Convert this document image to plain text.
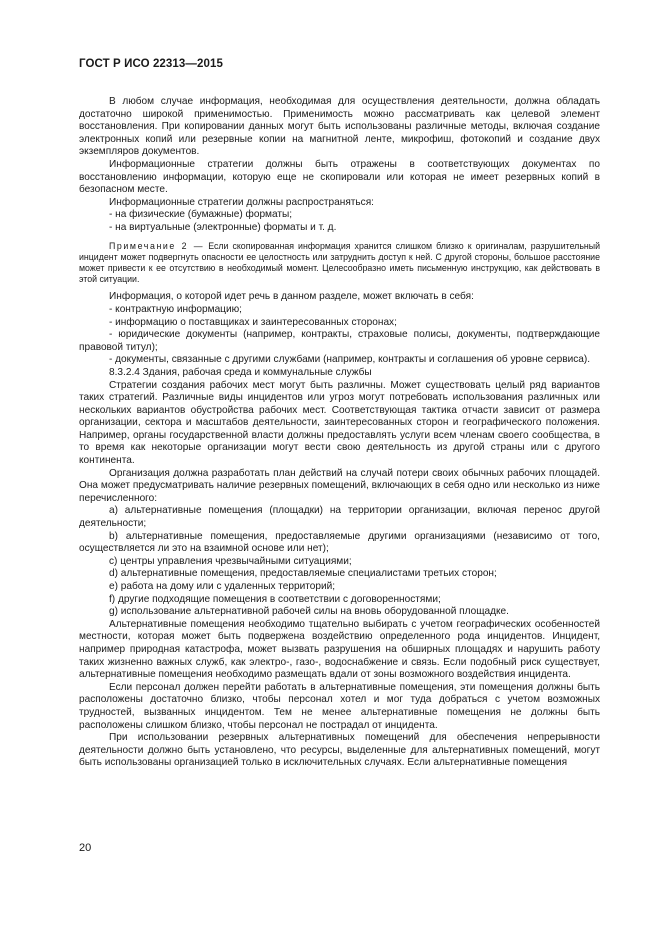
ГОСТ Р ИСО 22313—2015

В любом случае информация, необходимая для осуществления деятельности, должна обладать достаточно широкой применимостью. Применимость можно рассматривать как целевой элемент восстановления. При копировании данных могут быть использованы различные методы, включая создание электронных копий или резервные копии на магнитной ленте, микрофиш, фотокопий и создание двух экземпляров документов.

Информационные стратегии должны быть отражены в соответствующих документах по восстановлению информации, которую еще не скопировали или которая не имеет резервных копий в безопасном месте.

Информационные стратегии должны распространяться:

- на физические (бумажные) форматы;

- на виртуальные (электронные) форматы и т. д.

Примечание 2 — Если скопированная информация хранится слишком близко к оригиналам, разрушительный инцидент может подвергнуть опасности ее целостность или затруднить доступ к ней. С другой стороны, большое расстояние может привести к ее отсутствию в необходимый момент. Целесообразно иметь письменную инструкцию, как действовать в этой ситуации.

Информация, о которой идет речь в данном разделе, может включать в себя:

- контрактную информацию;

- информацию о поставщиках и заинтересованных сторонах;

- юридические документы (например, контракты, страховые полисы, документы, подтверждающие правовой титул);

- документы, связанные с другими службами (например, контракты и соглашения об уровне сервиса).

8.3.2.4 Здания, рабочая среда и коммунальные службы

Стратегии создания рабочих мест могут быть различны. Может существовать целый ряд вариантов таких стратегий. Различные виды инцидентов или угроз могут потребовать использования различных или нескольких вариантов обустройства рабочих мест. Соответствующая тактика отчасти зависит от размера организации, сектора и масштабов деятельности, заинтересованных сторон и географического положения. Например, органы государственной власти должны предоставлять услуги всем членам своего сообщества, в то время как некоторые организации могут вести свою деятельность из другой страны или с другого континента.

Организация должна разработать план действий на случай потери своих обычных рабочих площадей. Она может предусматривать наличие резервных помещений, включающих в себя одно или несколько из ниже перечисленного:

a) альтернативные помещения (площадки) на территории организации, включая перенос другой деятельности;

b) альтернативные помещения, предоставляемые другими организациями (независимо от того, осуществляется ли это на взаимной основе или нет);

c) центры управления чрезвычайными ситуациями;

d) альтернативные помещения, предоставляемые специалистами третьих сторон;

e) работа на дому или с удаленных территорий;

f) другие подходящие помещения в соответствии с договоренностями;

g) использование альтернативной рабочей силы на вновь оборудованной площадке.

Альтернативные помещения необходимо тщательно выбирать с учетом географических особенностей местности, которая может быть подвержена воздействию определенного рода инцидентов. Инцидент, например природная катастрофа, может вызвать разрушения на обширных площадях и нарушить работу таких жизненно важных служб, как электро-, газо-, водоснабжение и связь. Если подобный риск существует, альтернативные помещения необходимо размещать вдали от зоны возможного воздействия инцидента.

Если персонал должен перейти работать в альтернативные помещения, эти помещения должны быть расположены достаточно близко, чтобы персонал хотел и мог туда добраться с учетом возможных трудностей, вызванных инцидентом. Тем не менее альтернативные помещения не должны быть расположены слишком близко, чтобы персонал не пострадал от инцидента.

При использовании резервных альтернативных помещений для обеспечения непрерывности деятельности должно быть установлено, что ресурсы, выделенные для альтернативных помещений, могут быть использованы организацией только в исключительных случаях. Если альтернативные помещения

20
